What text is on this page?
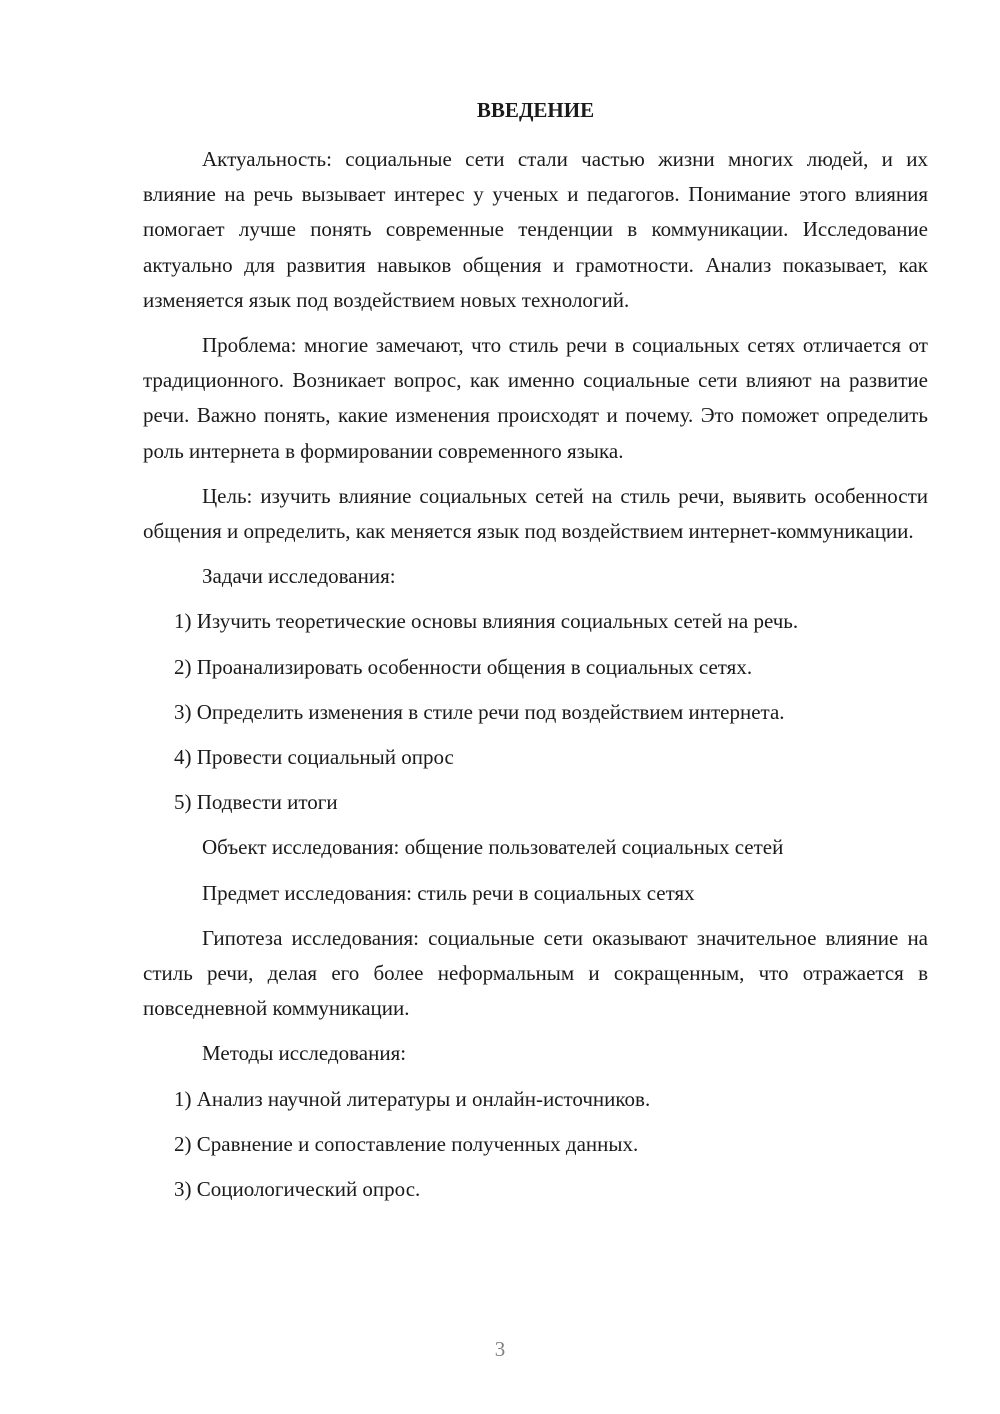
ВВЕДЕНИЕ

Актуальность: социальные сети стали частью жизни многих людей, и их влияние на речь вызывает интерес у ученых и педагогов. Понимание этого влияния помогает лучше понять современные тенденции в коммуникации. Исследование актуально для развития навыков общения и грамотности. Анализ показывает, как изменяется язык под воздействием новых технологий.

Проблема: многие замечают, что стиль речи в социальных сетях отличается от традиционного. Возникает вопрос, как именно социальные сети влияют на развитие речи. Важно понять, какие изменения происходят и почему. Это поможет определить роль интернета в формировании современного языка.

Цель: изучить влияние социальных сетей на стиль речи, выявить особенности общения и определить, как меняется язык под воздействием интернет-коммуникации.

Задачи исследования:

1) Изучить теоретические основы влияния социальных сетей на речь.

2) Проанализировать особенности общения в социальных сетях.

3) Определить изменения в стиле речи под воздействием интернета.

4) Провести социальный опрос

5) Подвести итоги

Объект исследования: общение пользователей социальных сетей

Предмет исследования: стиль речи в социальных сетях

Гипотеза исследования: социальные сети оказывают значительное влияние на стиль речи, делая его более неформальным и сокращенным, что отражается в повседневной коммуникации.

Методы исследования:

1) Анализ научной литературы и онлайн-источников.

2) Сравнение и сопоставление полученных данных.

3) Социологический опрос.

3
